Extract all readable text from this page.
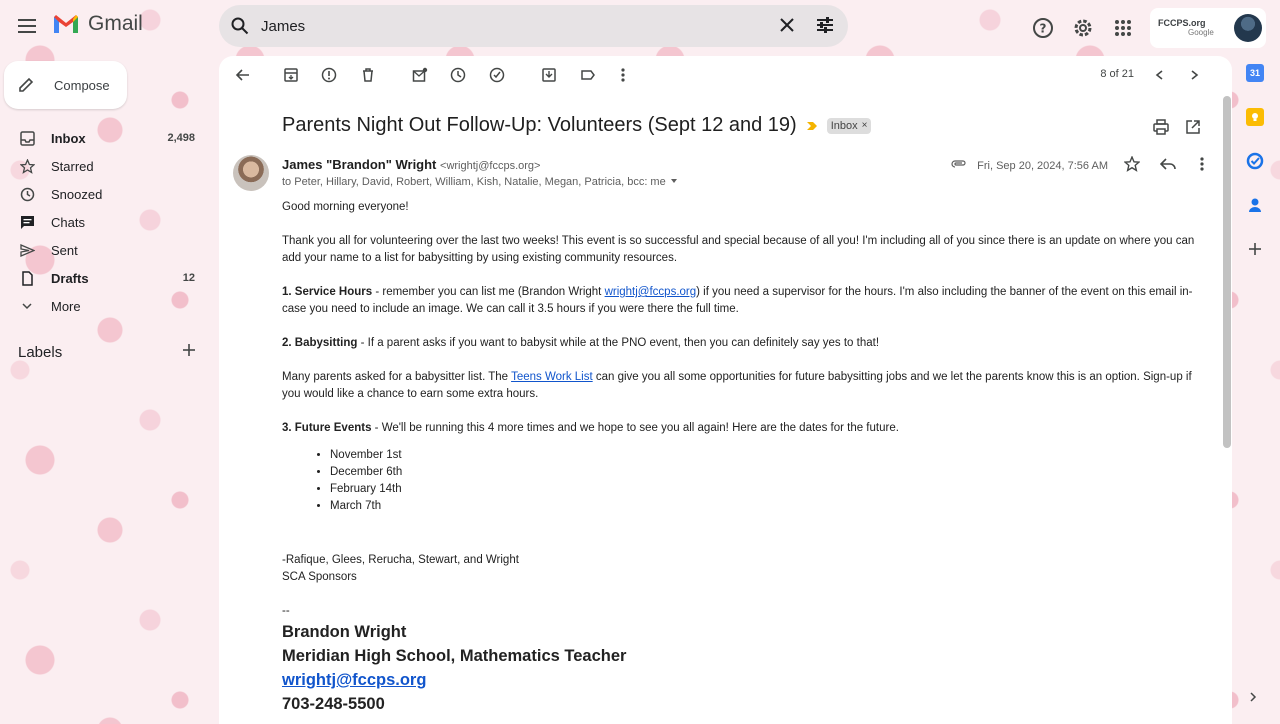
Gmail
James	?	FCCPS.org
Google
Compose
Inbox	2,498
Starred
Snoozed
Chats
Sent
Drafts	12
More
Labels
8 of 21
Parents Night Out Follow-Up: Volunteers (Sept 12 and 19)	Inbox ×
James "Brandon" Wright <wrightj@fccps.org>
to Peter, Hillary, David, Robert, William, Kish, Natalie, Megan, Patricia, bcc: me
Fri, Sep 20, 2024, 7:56 AM

Good morning everyone!

Thank you all for volunteering over the last two weeks! This event is so successful and special because of all you! I'm including all of you since there is an update on where you can add your name to a list for babysitting by using existing community resources.

1. Service Hours - remember you can list me (Brandon Wright wrightj@fccps.org) if you need a supervisor for the hours. I'm also including the banner of the event on this email in-case you need to include an image. We can call it 3.5 hours if you were there the full time.

2. Babysitting - If a parent asks if you want to babysit while at the PNO event, then you can definitely say yes to that!

Many parents asked for a babysitter list. The Teens Work List can give you all some opportunities for future babysitting jobs and we let the parents know this is an option. Sign-up if you would like a chance to earn some extra hours.

3. Future Events - We'll be running this 4 more times and we hope to see you all again! Here are the dates for the future.

• November 1st
• December 6th
• February 14th
• March 7th
-Rafique, Glees, Rerucha, Stewart, and Wright
SCA Sponsors
--
Brandon Wright
Meridian High School, Mathematics Teacher
wrightj@fccps.org
703-248-5500
31
